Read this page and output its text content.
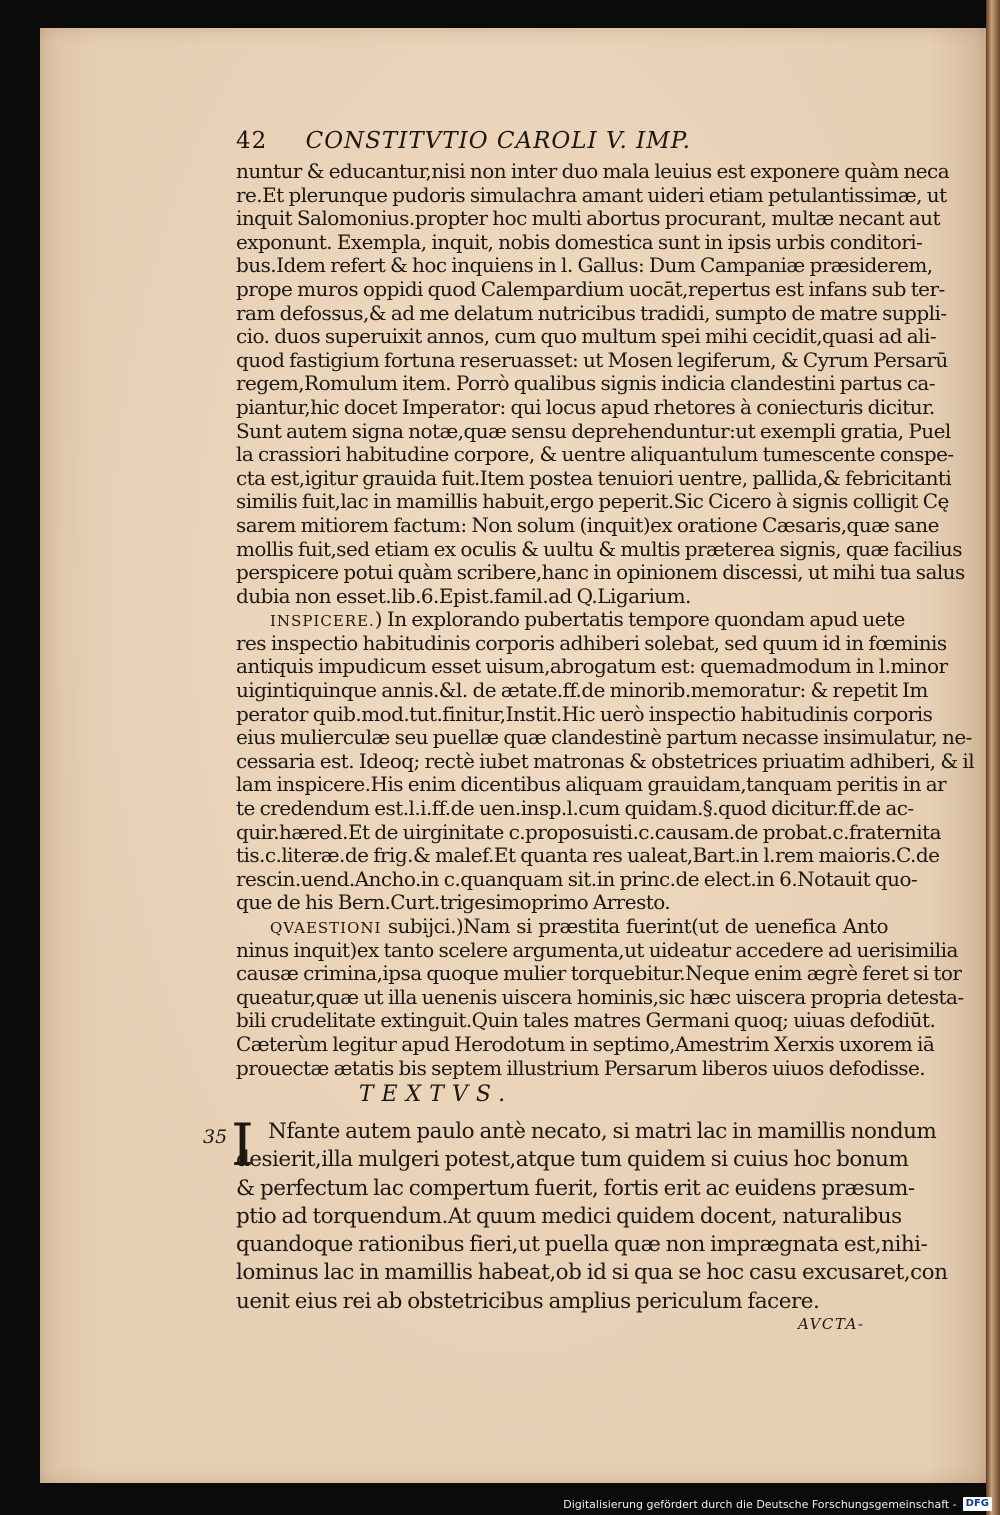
42 CONSTITVTIO CAROLI V. IMP.
nuntur & educantur,nisi non inter duo mala leuius est exponere quàm neca
re.Et plerunque pudoris simulachra amant uideri etiam petulantissimæ, ut
inquit Salomonius.propter hoc multi abortus procurant, multæ necant aut
exponunt. Exempla, inquit, nobis domestica sunt in ipsis urbis conditori-
bus.Idem refert & hoc inquiens in l. Gallus: Dum Campaniæ præsiderem,
prope muros oppidi quod Calempardium uocāt,repertus est infans sub ter-
ram defossus,& ad me delatum nutricibus tradidi, sumpto de matre suppli-
cio. duos superuixit annos, cum quo multum spei mihi cecidit,quasi ad ali-
quod fastigium fortuna reseruasset: ut Mosen legiferum, & Cyrum Persarū
regem,Romulum item. Porrò qualibus signis indicia clandestini partus ca-
piantur,hic docet Imperator: qui locus apud rhetores à coniecturis dicitur.
Sunt autem signa notæ,quæ sensu deprehenduntur:ut exempli gratia, Puel
la crassiori habitudine corpore, & uentre aliquantulum tumescente conspe-
cta est,igitur grauida fuit.Item postea tenuiori uentre, pallida,& febricitanti
similis fuit,lac in mamillis habuit,ergo peperit.Sic Cicero à signis colligit Cę
sarem mitiorem factum: Non solum (inquit)ex oratione Cæsaris,quæ sane
mollis fuit,sed etiam ex oculis & uultu & multis præterea signis, quæ facilius
perspicere potui quàm scribere,hanc in opinionem discessi, ut mihi tua salus
dubia non esset.lib.6.Epist.famil.ad Q.Ligarium.
INSPICERE.) In explorando pubertatis tempore quondam apud uete
res inspectio habitudinis corporis adhiberi solebat, sed quum id in fœminis
antiquis impudicum esset uisum,abrogatum est: quemadmodum in l.minor
uigintiquinque annis.&l. de ætate.ff.de minorib.memoratur: & repetit Im
perator quib.mod.tut.finitur,Instit.Hic uerò inspectio habitudinis corporis
eius mulierculæ seu puellæ quæ clandestinè partum necasse insimulatur, ne-
cessaria est. Ideoq; rectè iubet matronas & obstetrices priuatim adhiberi, & il
lam inspicere.His enim dicentibus aliquam grauidam,tanquam peritis in ar
te credendum est.l.i.ff.de uen.insp.l.cum quidam.§.quod dicitur.ff.de ac-
quir.hæred.Et de uirginitate c.proposuisti.c.causam.de probat.c.fraternita
tis.c.literæ.de frig.& malef.Et quanta res ualeat,Bart.in l.rem maioris.C.de
rescin.uend.Ancho.in c.quanquam sit.in princ.de elect.in 6.Notauit quo-
que de his Bern.Curt.trigesimoprimo Arresto.
QVAESTIONI subijci.)Nam si præstita fuerint(ut de uenefica Anto
ninus inquit)ex tanto scelere argumenta,ut uideatur accedere ad uerisimilia
causæ crimina,ipsa quoque mulier torquebitur.Neque enim ægrè feret si tor
queatur,quæ ut illa uenenis uiscera hominis,sic hæc uiscera propria detesta-
bili crudelitate extinguit.Quin tales matres Germani quoq; uiuas defodiūt.
Cæterùm legitur apud Herodotum in septimo,Amestrim Xerxis uxorem iā
prouectæ ætatis bis septem illustrium Persarum liberos uiuos defodisse.
TEXTVS.
35 I Nfante autem paulo antè necato, si matri lac in mamillis nondum
desierit,illa mulgeri potest,atque tum quidem si cuius hoc bonum
& perfectum lac compertum fuerit, fortis erit ac euidens præsum-
ptio ad torquendum.At quum medici quidem docent, naturalibus
quandoque rationibus fieri,ut puella quæ non imprægnata est,nihi-
lominus lac in mamillis habeat,ob id si qua se hoc casu excusaret,con
uenit eius rei ab obstetricibus amplius periculum facere.
AVCTA-
Digitalisierung gefördert durch die Deutsche Forschungsgemeinschaft - DFG
